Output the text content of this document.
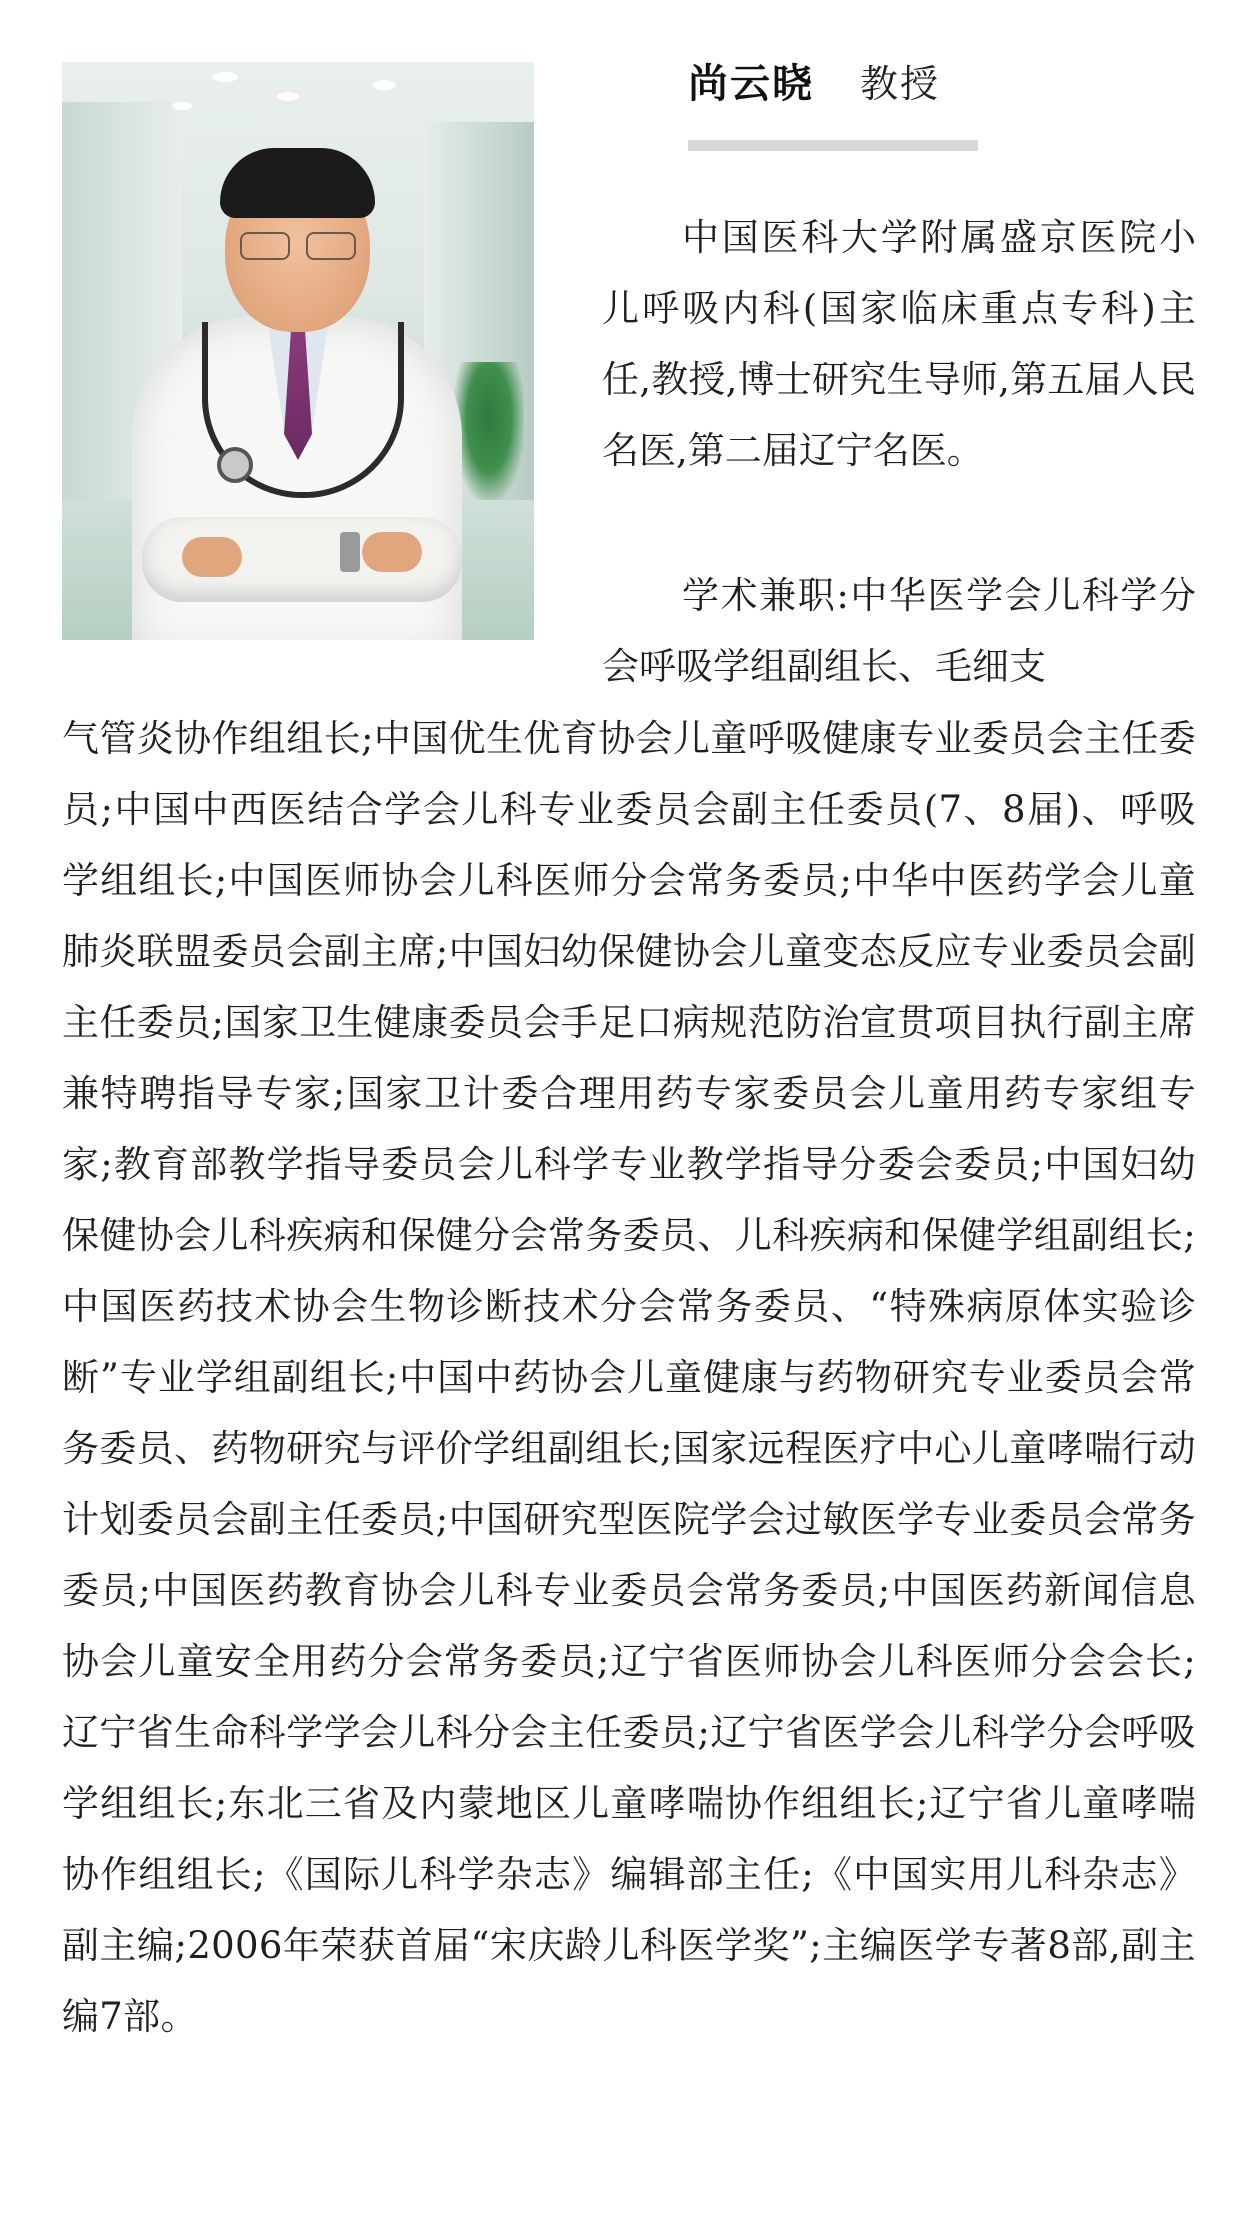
尚云晓 教授

中国医科大学附属盛京医院小儿呼吸内科(国家临床重点专科)主任,教授,博士研究生导师,第五届人民名医,第二届辽宁名医。

学术兼职:中华医学会儿科学分会呼吸学组副组长、毛细支

气管炎协作组组长;中国优生优育协会儿童呼吸健康专业委员会主任委员;中国中西医结合学会儿科专业委员会副主任委员(7、8届)、呼吸学组组长;中国医师协会儿科医师分会常务委员;中华中医药学会儿童肺炎联盟委员会副主席;中国妇幼保健协会儿童变态反应专业委员会副主任委员;国家卫生健康委员会手足口病规范防治宣贯项目执行副主席兼特聘指导专家;国家卫计委合理用药专家委员会儿童用药专家组专家;教育部教学指导委员会儿科学专业教学指导分委会委员;中国妇幼保健协会儿科疾病和保健分会常务委员、儿科疾病和保健学组副组长;中国医药技术协会生物诊断技术分会常务委员、“特殊病原体实验诊断”专业学组副组长;中国中药协会儿童健康与药物研究专业委员会常务委员、药物研究与评价学组副组长;国家远程医疗中心儿童哮喘行动计划委员会副主任委员;中国研究型医院学会过敏医学专业委员会常务委员;中国医药教育协会儿科专业委员会常务委员;中国医药新闻信息协会儿童安全用药分会常务委员;辽宁省医师协会儿科医师分会会长;辽宁省生命科学学会儿科分会主任委员;辽宁省医学会儿科学分会呼吸学组组长;东北三省及内蒙地区儿童哮喘协作组组长;辽宁省儿童哮喘协作组组长;《国际儿科学杂志》编辑部主任;《中国实用儿科杂志》副主编;2006年荣获首届“宋庆龄儿科医学奖”;主编医学专著8部,副主编7部。
